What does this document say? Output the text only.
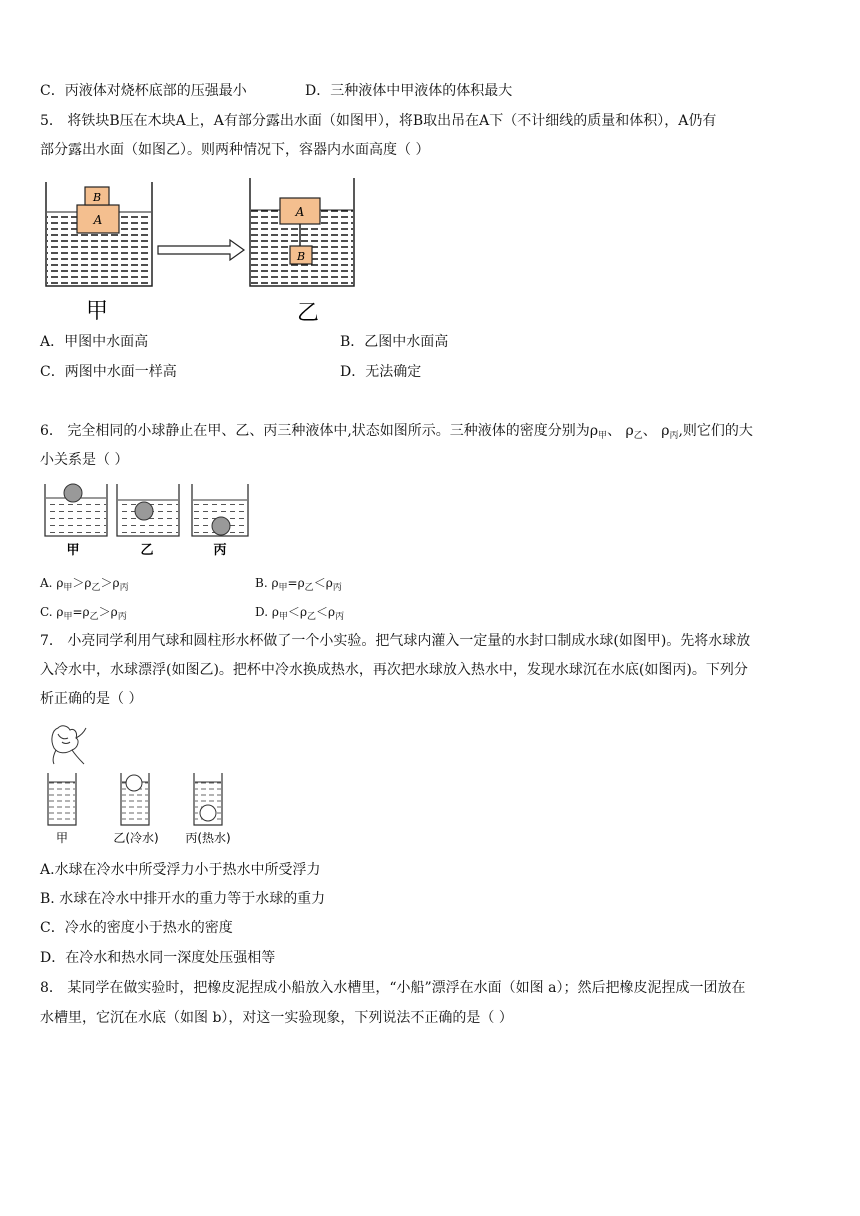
C．丙液体对烧杯底部的压强最小	D．三种液体中甲液体的体积最大
5． 将铁块B压在木块A上，A有部分露出水面（如图甲），将B取出吊在A下（不计细线的质量和体积），A仍有
部分露出水面（如图乙）。则两种情况下，容器内水面高度（ ）
A
B
A
B
甲	乙
A．甲图中水面高	B．乙图中水面高
C．两图中水面一样高	D．无法确定
6． 完全相同的小球静止在甲、乙、丙三种液体中,状态如图所示。三种液体的密度分别为$\rho_甲$、 $\rho_乙$、 $\rho_丙$,则它们的大
小关系是（ ）
甲	乙	丙
A. $\rho_甲>\rho_乙>\rho_丙$	B. $\rho_甲=\rho_乙<\rho_丙$
C. $\rho_甲=\rho_乙>\rho_丙$	D. $\rho_甲<\rho_乙<\rho_丙$
7． 小亮同学利用气球和圆柱形水杯做了一个小实验。把气球内灌入一定量的水封口制成水球(如图甲)。先将水球放
入冷水中，水球漂浮(如图乙)。把杯中冷水换成热水，再次把水球放入热水中，发现水球沉在水底(如图丙)。下列分
析正确的是（ ）
甲	乙(冷水) 丙(热水)
A.水球在冷水中所受浮力小于热水中所受浮力
B. 水球在冷水中排开水的重力等于水球的重力
C．冷水的密度小于热水的密度
D．在冷水和热水同一深度处压强相等
8． 某同学在做实验时，把橡皮泥捏成小船放入水槽里，“小船”漂浮在水面（如图 a）；然后把橡皮泥捏成一团放在
水槽里，它沉在水底（如图 b），对这一实验现象，下列说法不正确的是（ ）
